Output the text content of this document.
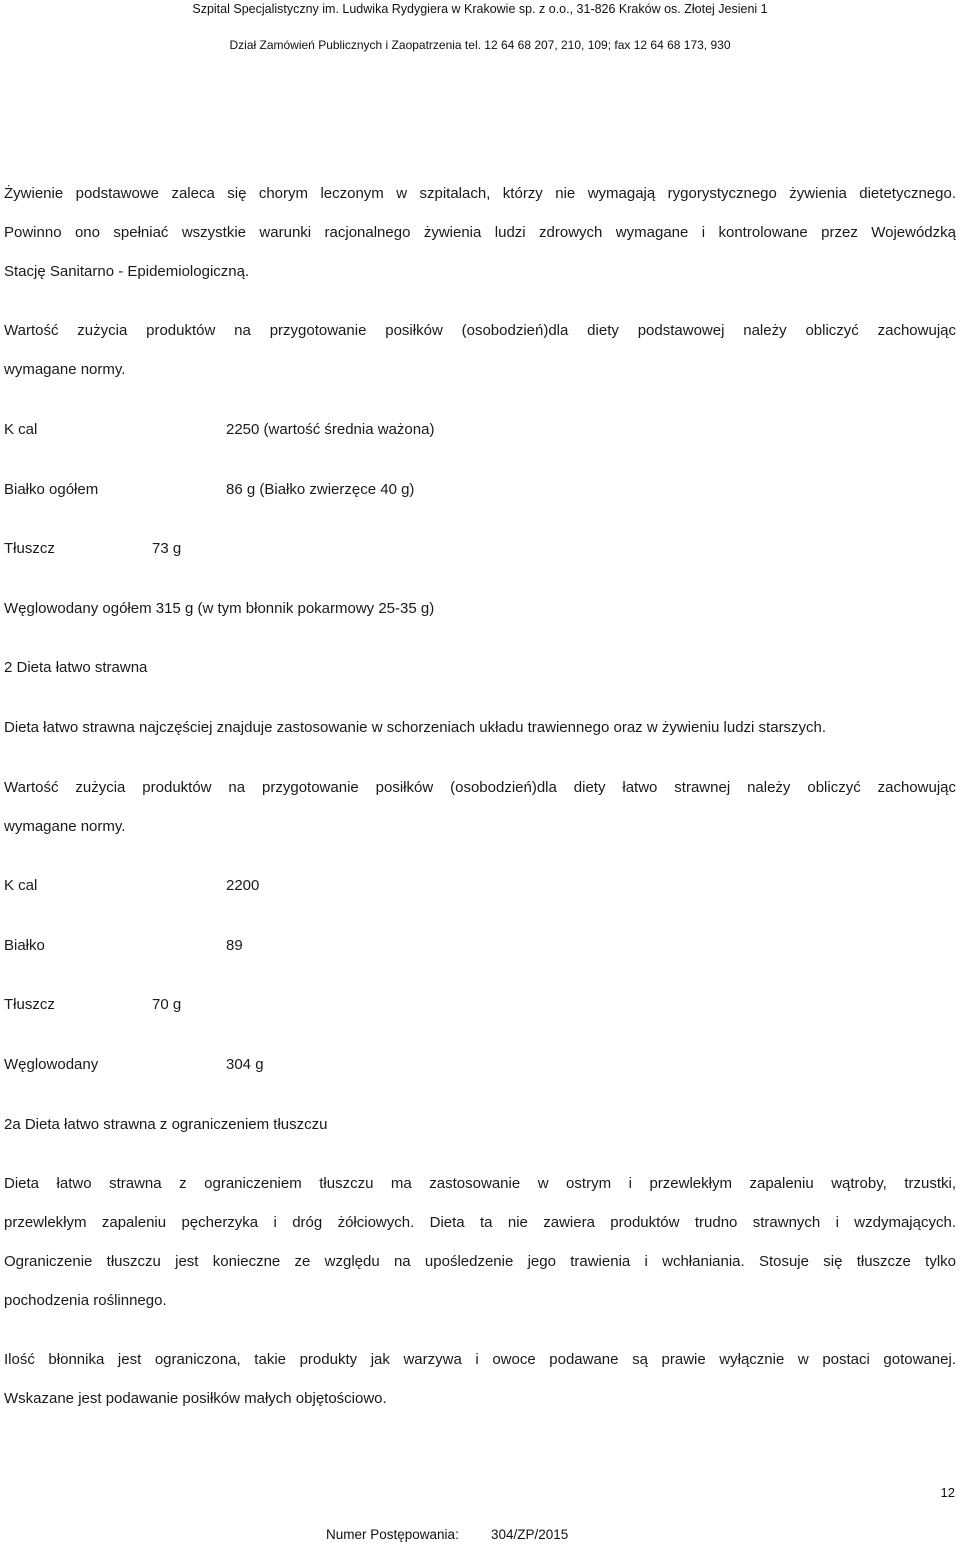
Szpital Specjalistyczny im. Ludwika Rydygiera w Krakowie sp. z o.o., 31-826 Kraków os. Złotej Jesieni 1
Dział Zamówień Publicznych i Zaopatrzenia tel. 12 64 68 207, 210, 109; fax 12 64 68 173, 930
Żywienie podstawowe zaleca się chorym leczonym w szpitalach, którzy nie wymagają rygorystycznego żywienia dietetycznego.
Powinno ono spełniać wszystkie warunki racjonalnego żywienia ludzi zdrowych wymagane i kontrolowane przez Wojewódzką
Stację Sanitarno - Epidemiologiczną.
Wartość zużycia produktów na przygotowanie posiłków (osobodzień)dla diety podstawowej należy obliczyć zachowując
wymagane normy.
K cal	2250 (wartość średnia ważona)
Białko ogółem	86 g (Białko zwierzęce 40 g)
Tłuszcz	73 g
Węglowodany ogółem 315 g (w tym błonnik pokarmowy 25-35 g)
2 Dieta łatwo strawna
Dieta łatwo strawna najczęściej znajduje zastosowanie w schorzeniach układu trawiennego oraz w żywieniu ludzi starszych.
Wartość zużycia produktów na przygotowanie posiłków (osobodzień)dla diety łatwo strawnej należy obliczyć zachowując
wymagane normy.
K cal	2200
Białko	89
Tłuszcz	70 g
Węglowodany	304 g
2a Dieta łatwo strawna z ograniczeniem tłuszczu
Dieta łatwo strawna z ograniczeniem tłuszczu ma zastosowanie w ostrym i przewlekłym zapaleniu wątroby, trzustki,
przewlekłym zapaleniu pęcherzyka i dróg żółciowych. Dieta ta nie zawiera produktów trudno strawnych i wzdymających.
Ograniczenie tłuszczu jest konieczne ze względu na upośledzenie jego trawienia i wchłaniania. Stosuje się tłuszcze tylko
pochodzenia roślinnego.
Ilość błonnika jest ograniczona, takie produkty jak warzywa i owoce podawane są prawie wyłącznie w postaci gotowanej.
Wskazane jest podawanie posiłków małych objętościowo.
12
Numer Postępowania: 304/ZP/2015
